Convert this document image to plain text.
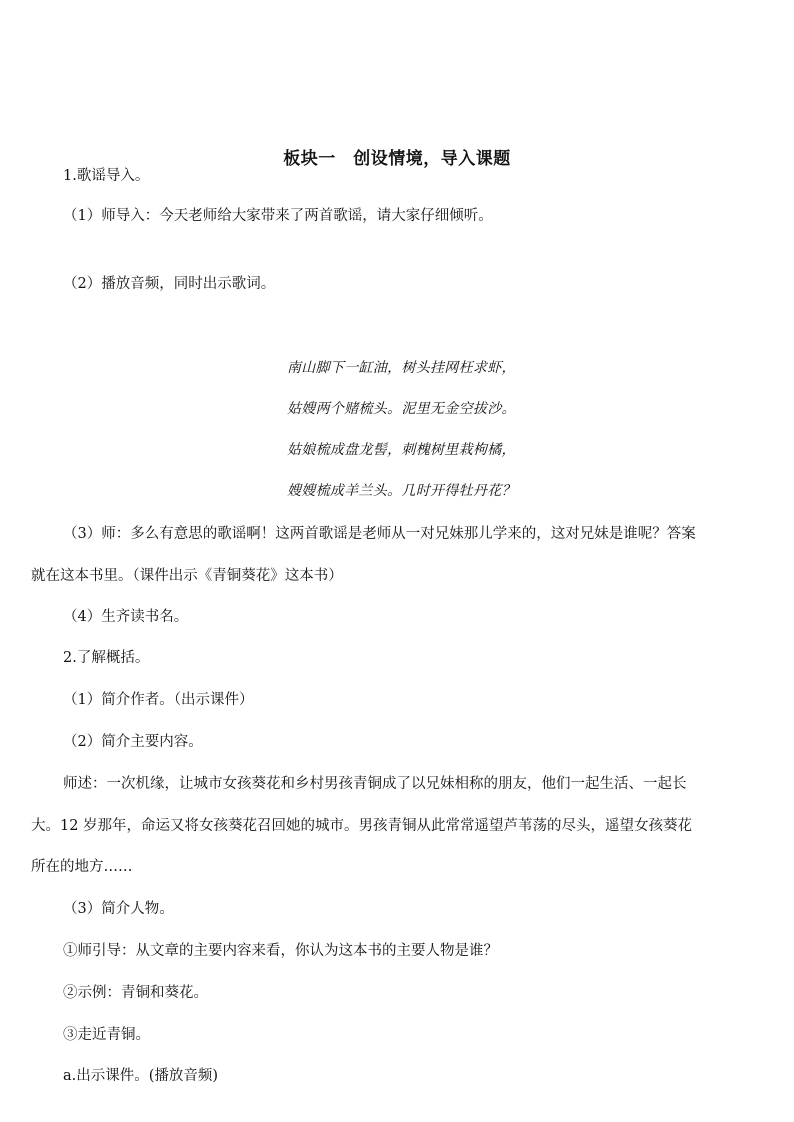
板块一　创设情境，导入课题
1.歌谣导入。
（1）师导入：今天老师给大家带来了两首歌谣，请大家仔细倾听。
（2）播放音频，同时出示歌词。
南山脚下一缸油，树头挂网枉求虾，
姑嫂两个赌梳头。泥里无金空拔沙。
姑娘梳成盘龙髻，刺槐树里栽枸橘，
嫂嫂梳成羊兰头。几时开得牡丹花？
（3）师：多么有意思的歌谣啊！这两首歌谣是老师从一对兄妹那儿学来的，这对兄妹是谁呢？答案
就在这本书里。（课件出示《青铜葵花》这本书）
（4）生齐读书名。
2.了解概括。
（1）简介作者。（出示课件）
（2）简介主要内容。
师述：一次机缘，让城市女孩葵花和乡村男孩青铜成了以兄妹相称的朋友，他们一起生活、一起长
大。12 岁那年，命运又将女孩葵花召回她的城市。男孩青铜从此常常遥望芦苇荡的尽头，遥望女孩葵花
所在的地方……
（3）简介人物。
①师引导：从文章的主要内容来看，你认为这本书的主要人物是谁？
②示例：青铜和葵花。
③走近青铜。
a.出示课件。(播放音频)
